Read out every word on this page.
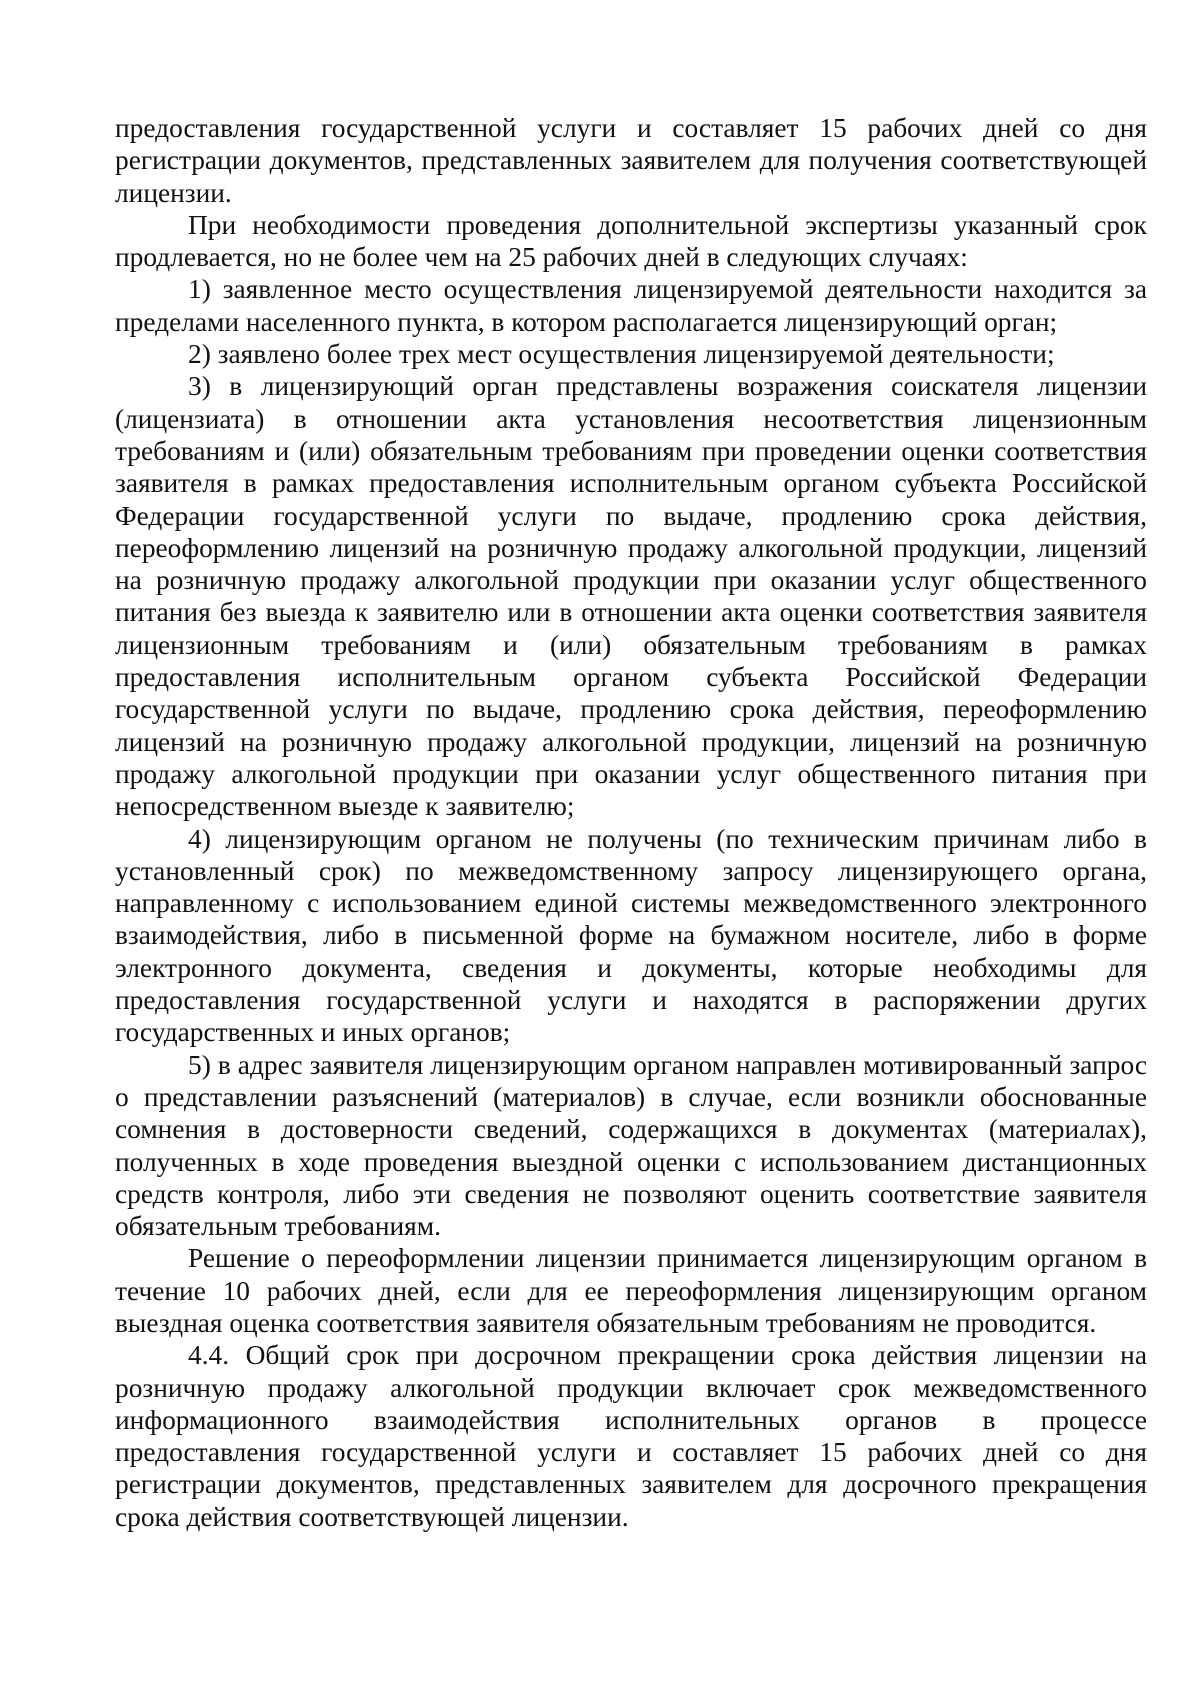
предоставления государственной услуги и составляет 15 рабочих дней со дня регистрации документов, представленных заявителем для получения соответствующей лицензии.

При необходимости проведения дополнительной экспертизы указанный срок продлевается, но не более чем на 25 рабочих дней в следующих случаях:

1) заявленное место осуществления лицензируемой деятельности находится за пределами населенного пункта, в котором располагается лицензирующий орган;

2) заявлено более трех мест осуществления лицензируемой деятельности;

3) в лицензирующий орган представлены возражения соискателя лицензии (лицензиата) в отношении акта установления несоответствия лицензионным требованиям и (или) обязательным требованиям при проведении оценки соответствия заявителя в рамках предоставления исполнительным органом субъекта Российской Федерации государственной услуги по выдаче, продлению срока действия, переоформлению лицензий на розничную продажу алкогольной продукции, лицензий на розничную продажу алкогольной продукции при оказании услуг общественного питания без выезда к заявителю или в отношении акта оценки соответствия заявителя лицензионным требованиям и (или) обязательным требованиям в рамках предоставления исполнительным органом субъекта Российской Федерации государственной услуги по выдаче, продлению срока действия, переоформлению лицензий на розничную продажу алкогольной продукции, лицензий на розничную продажу алкогольной продукции при оказании услуг общественного питания при непосредственном выезде к заявителю;

4) лицензирующим органом не получены (по техническим причинам либо в установленный срок) по межведомственному запросу лицензирующего органа, направленному с использованием единой системы межведомственного электронного взаимодействия, либо в письменной форме на бумажном носителе, либо в форме электронного документа, сведения и документы, которые необходимы для предоставления государственной услуги и находятся в распоряжении других государственных и иных органов;

5) в адрес заявителя лицензирующим органом направлен мотивированный запрос о представлении разъяснений (материалов) в случае, если возникли обоснованные сомнения в достоверности сведений, содержащихся в документах (материалах), полученных в ходе проведения выездной оценки с использованием дистанционных средств контроля, либо эти сведения не позволяют оценить соответствие заявителя обязательным требованиям.

Решение о переоформлении лицензии принимается лицензирующим органом в течение 10 рабочих дней, если для ее переоформления лицензирующим органом выездная оценка соответствия заявителя обязательным требованиям не проводится.

4.4. Общий срок при досрочном прекращении срока действия лицензии на розничную продажу алкогольной продукции включает срок межведомственного информационного взаимодействия исполнительных органов в процессе предоставления государственной услуги и составляет 15 рабочих дней со дня регистрации документов, представленных заявителем для досрочного прекращения срока действия соответствующей лицензии.
